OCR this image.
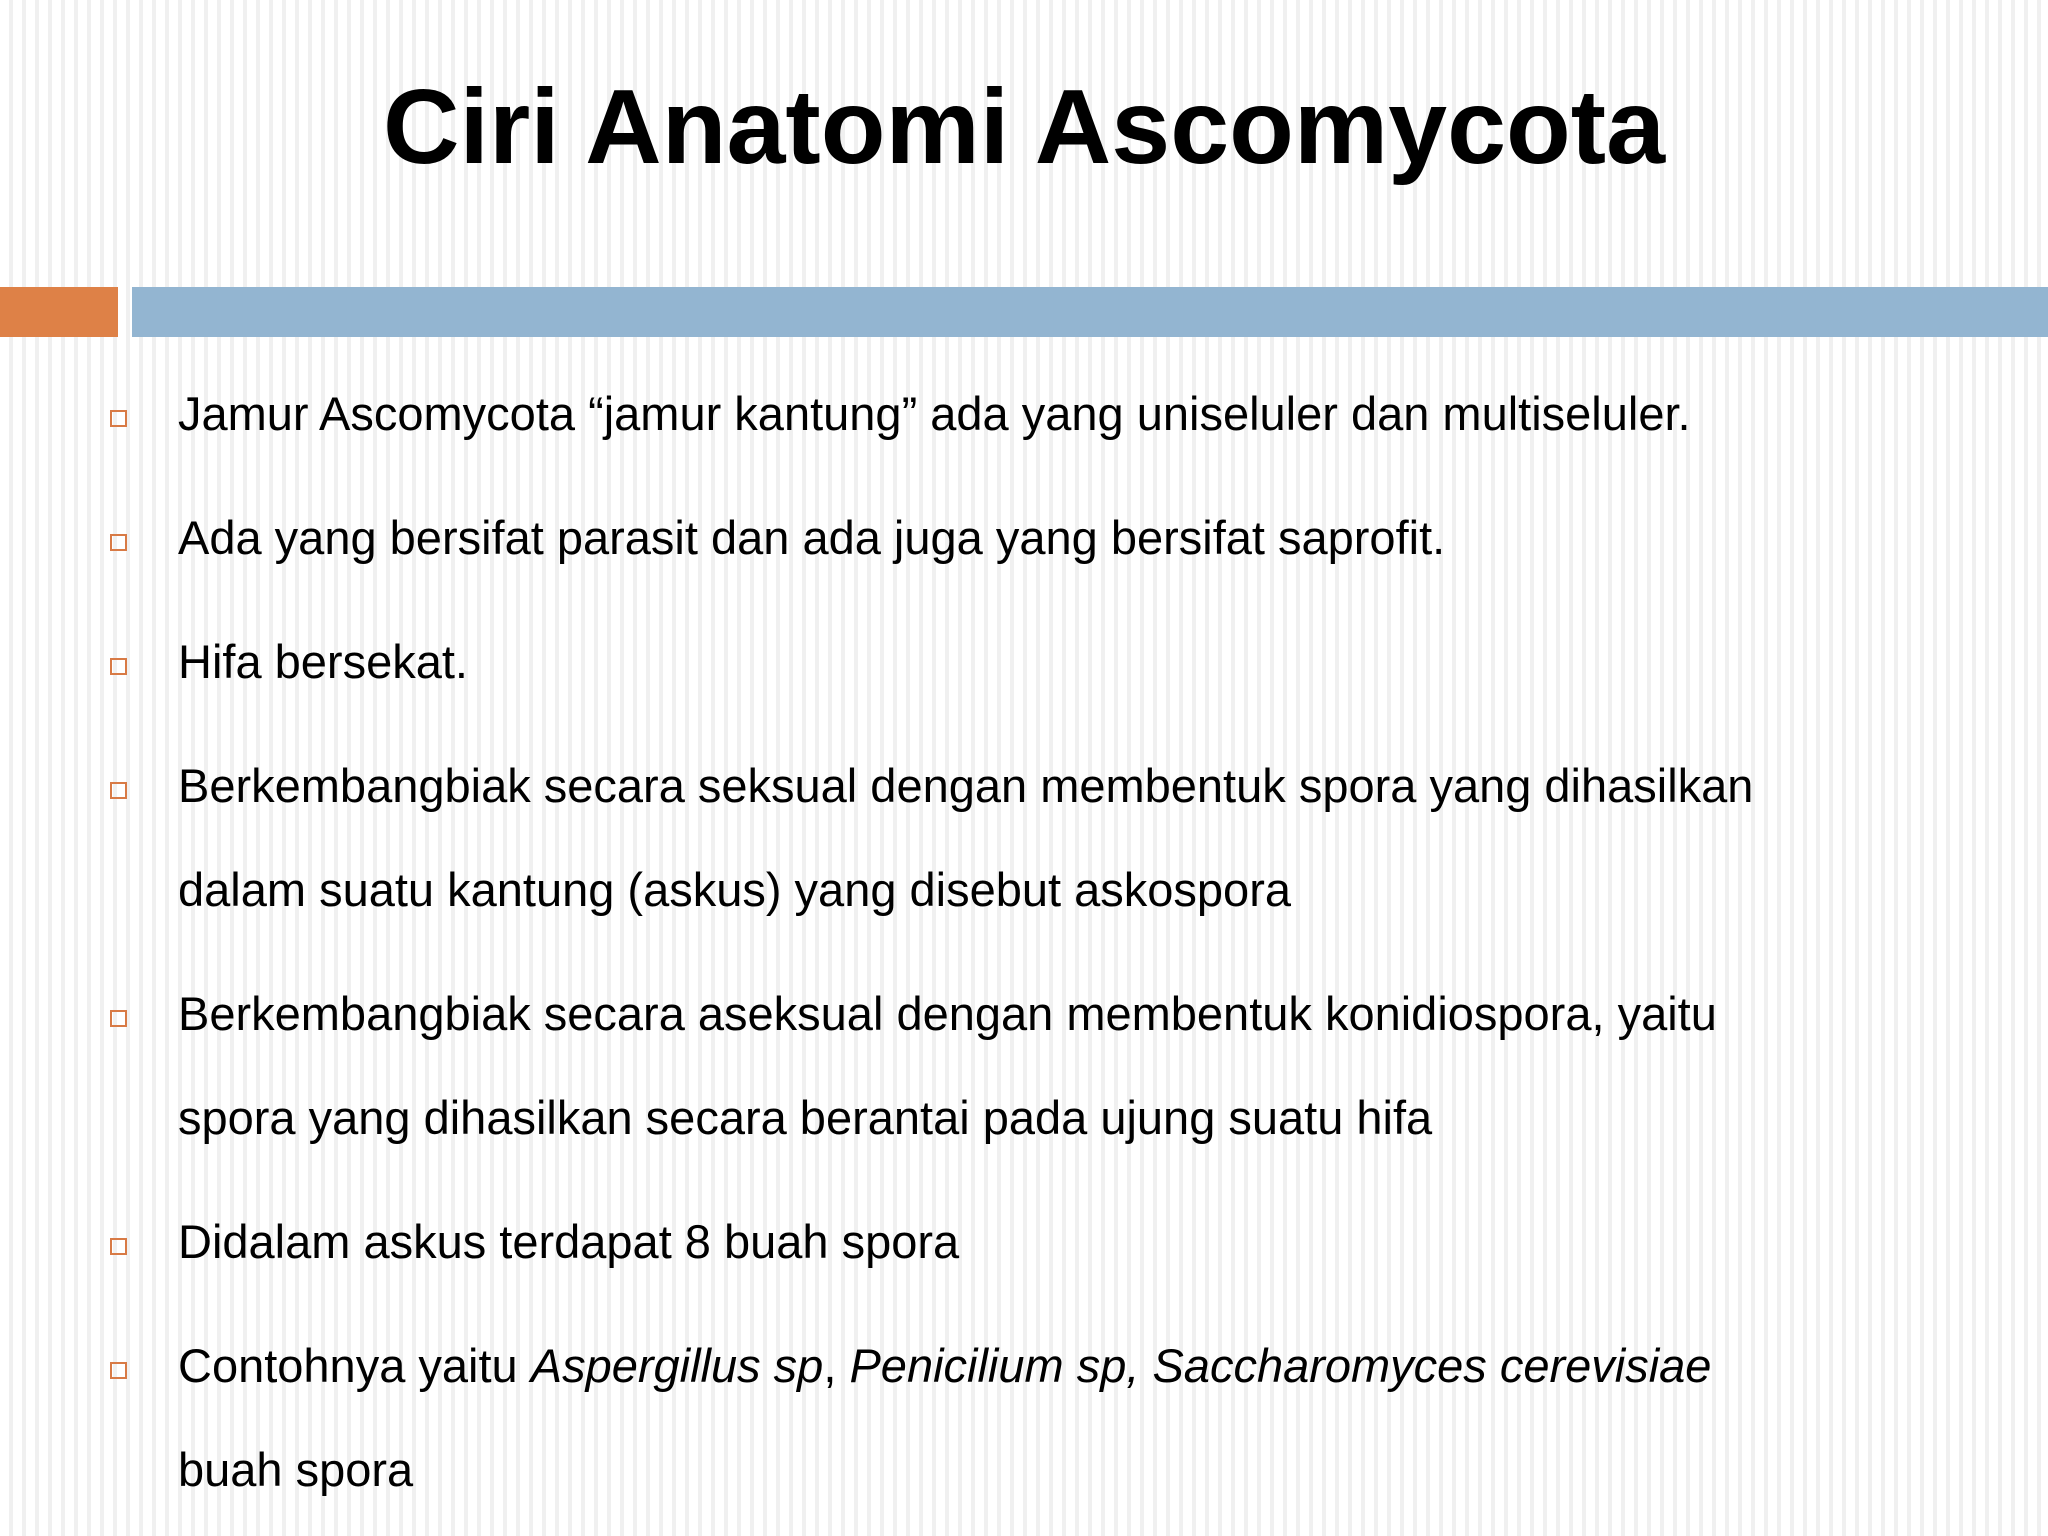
Ciri Anatomi Ascomycota

Jamur Ascomycota “jamur kantung” ada yang uniseluler dan multiseluler.

Ada yang bersifat parasit dan ada juga yang bersifat saprofit.

Hifa bersekat.

Berkembangbiak secara seksual dengan membentuk spora yang dihasilkan
dalam suatu kantung (askus) yang disebut askospora

Berkembangbiak secara aseksual dengan membentuk konidiospora, yaitu
spora yang dihasilkan secara berantai pada ujung suatu hifa

Didalam askus terdapat 8 buah spora

Contohnya yaitu Aspergillus sp, Penicilium sp, Saccharomyces cerevisiae
buah spora
